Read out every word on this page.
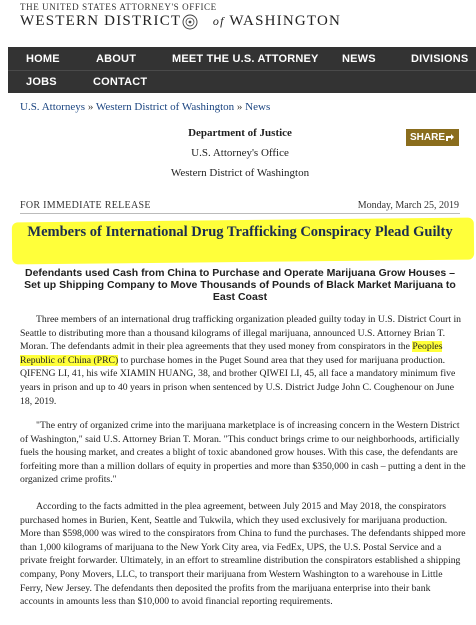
THE UNITED STATES ATTORNEY'S OFFICE
WESTERN DISTRICT	of WASHINGTON
HOME	ABOUT	MEET THE U.S. ATTORNEY NEWS	DIVISIONS
JOBS	CONTACT
U.S. Attorneys » Western District of Washington » News
Department of Justice
U.S. Attorney's Office
Western District of Washington
SHARE
FOR IMMEDIATE RELEASE	Monday, March 25, 2019
Members of International Drug Trafficking Conspiracy Plead Guilty
Defendants used Cash from China to Purchase and Operate Marijuana Grow Houses – Set up Shipping Company to Move Thousands of Pounds of Black Market Marijuana to East Coast

Three members of an international drug trafficking organization pleaded guilty today in U.S. District Court in Seattle to distributing more than a thousand kilograms of illegal marijuana, announced U.S. Attorney Brian T. Moran. The defendants admit in their plea agreements that they used money from conspirators in the Peoples Republic of China (PRC) to purchase homes in the Puget Sound area that they used for marijuana production. QIFENG LI, 41, his wife XIAMIN HUANG, 38, and brother QIWEI LI, 45, all face a mandatory minimum five years in prison and up to 40 years in prison when sentenced by U.S. District Judge John C. Coughenour on June 18, 2019.

"The entry of organized crime into the marijuana marketplace is of increasing concern in the Western District of Washington," said U.S. Attorney Brian T. Moran. "This conduct brings crime to our neighborhoods, artificially fuels the housing market, and creates a blight of toxic abandoned grow houses. With this case, the defendants are forfeiting more than a million dollars of equity in properties and more than $350,000 in cash – putting a dent in the organized crime profits."

According to the facts admitted in the plea agreement, between July 2015 and May 2018, the conspirators purchased homes in Burien, Kent, Seattle and Tukwila, which they used exclusively for marijuana production. More than $598,000 was wired to the conspirators from China to fund the purchases. The defendants shipped more than 1,000 kilograms of marijuana to the New York City area, via FedEx, UPS, the U.S. Postal Service and a private freight forwarder. Ultimately, in an effort to streamline distribution the conspirators established a shipping company, Pony Movers, LLC, to transport their marijuana from Western Washington to a warehouse in Little Ferry, New Jersey. The defendants then deposited the profits from the marijuana enterprise into their bank accounts in amounts less than $10,000 to avoid financial reporting requirements.
